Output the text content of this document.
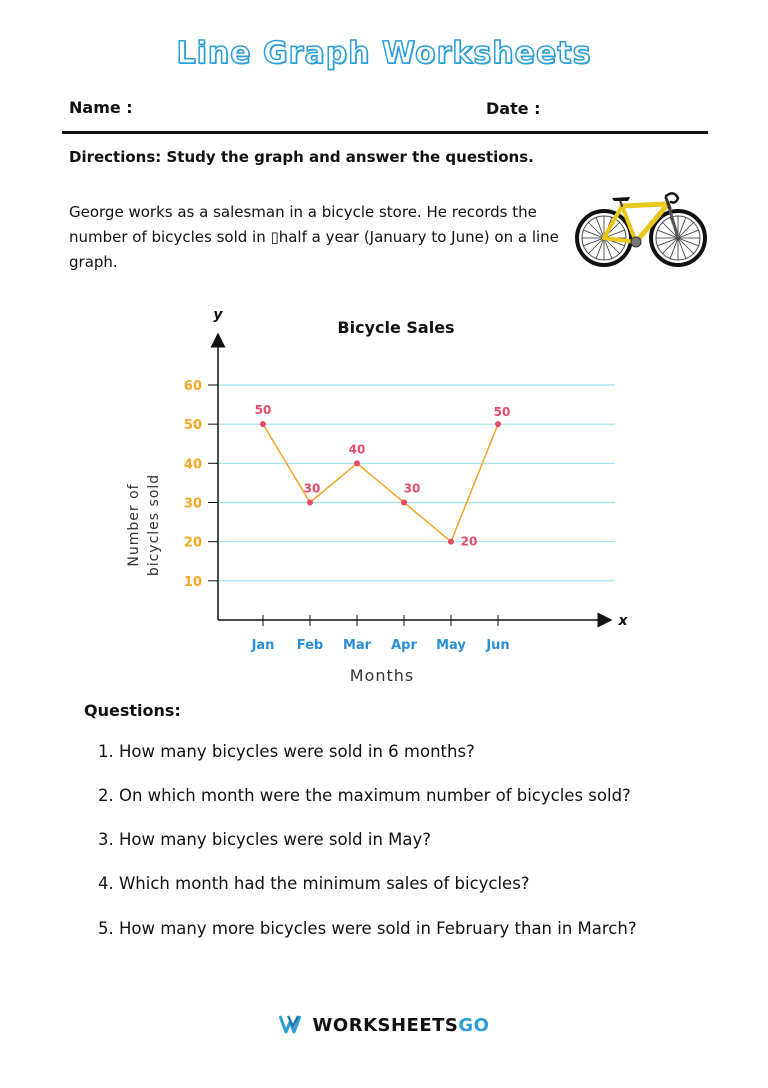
Line Graph Worksheets
Name :	Date :
Directions: Study the graph and answer the questions.
George works as a salesman in a bicycle store. He records the number of bicycles sold in ▯half a year (January to June) on a line graph.
Bicycle Sales
y
x
Number of bicycles sold
Months
10
20
30
40
50
60
Jan Feb Mar Apr May Jun
50
30
40
30
20
50
Questions:
1. How many bicycles were sold in 6 months?
2. On which month were the maximum number of bicycles sold?
3. How many bicycles were sold in May?
4. Which month had the minimum sales of bicycles?
5. How many more bicycles were sold in February than in March?
WORKSHEETSGO
